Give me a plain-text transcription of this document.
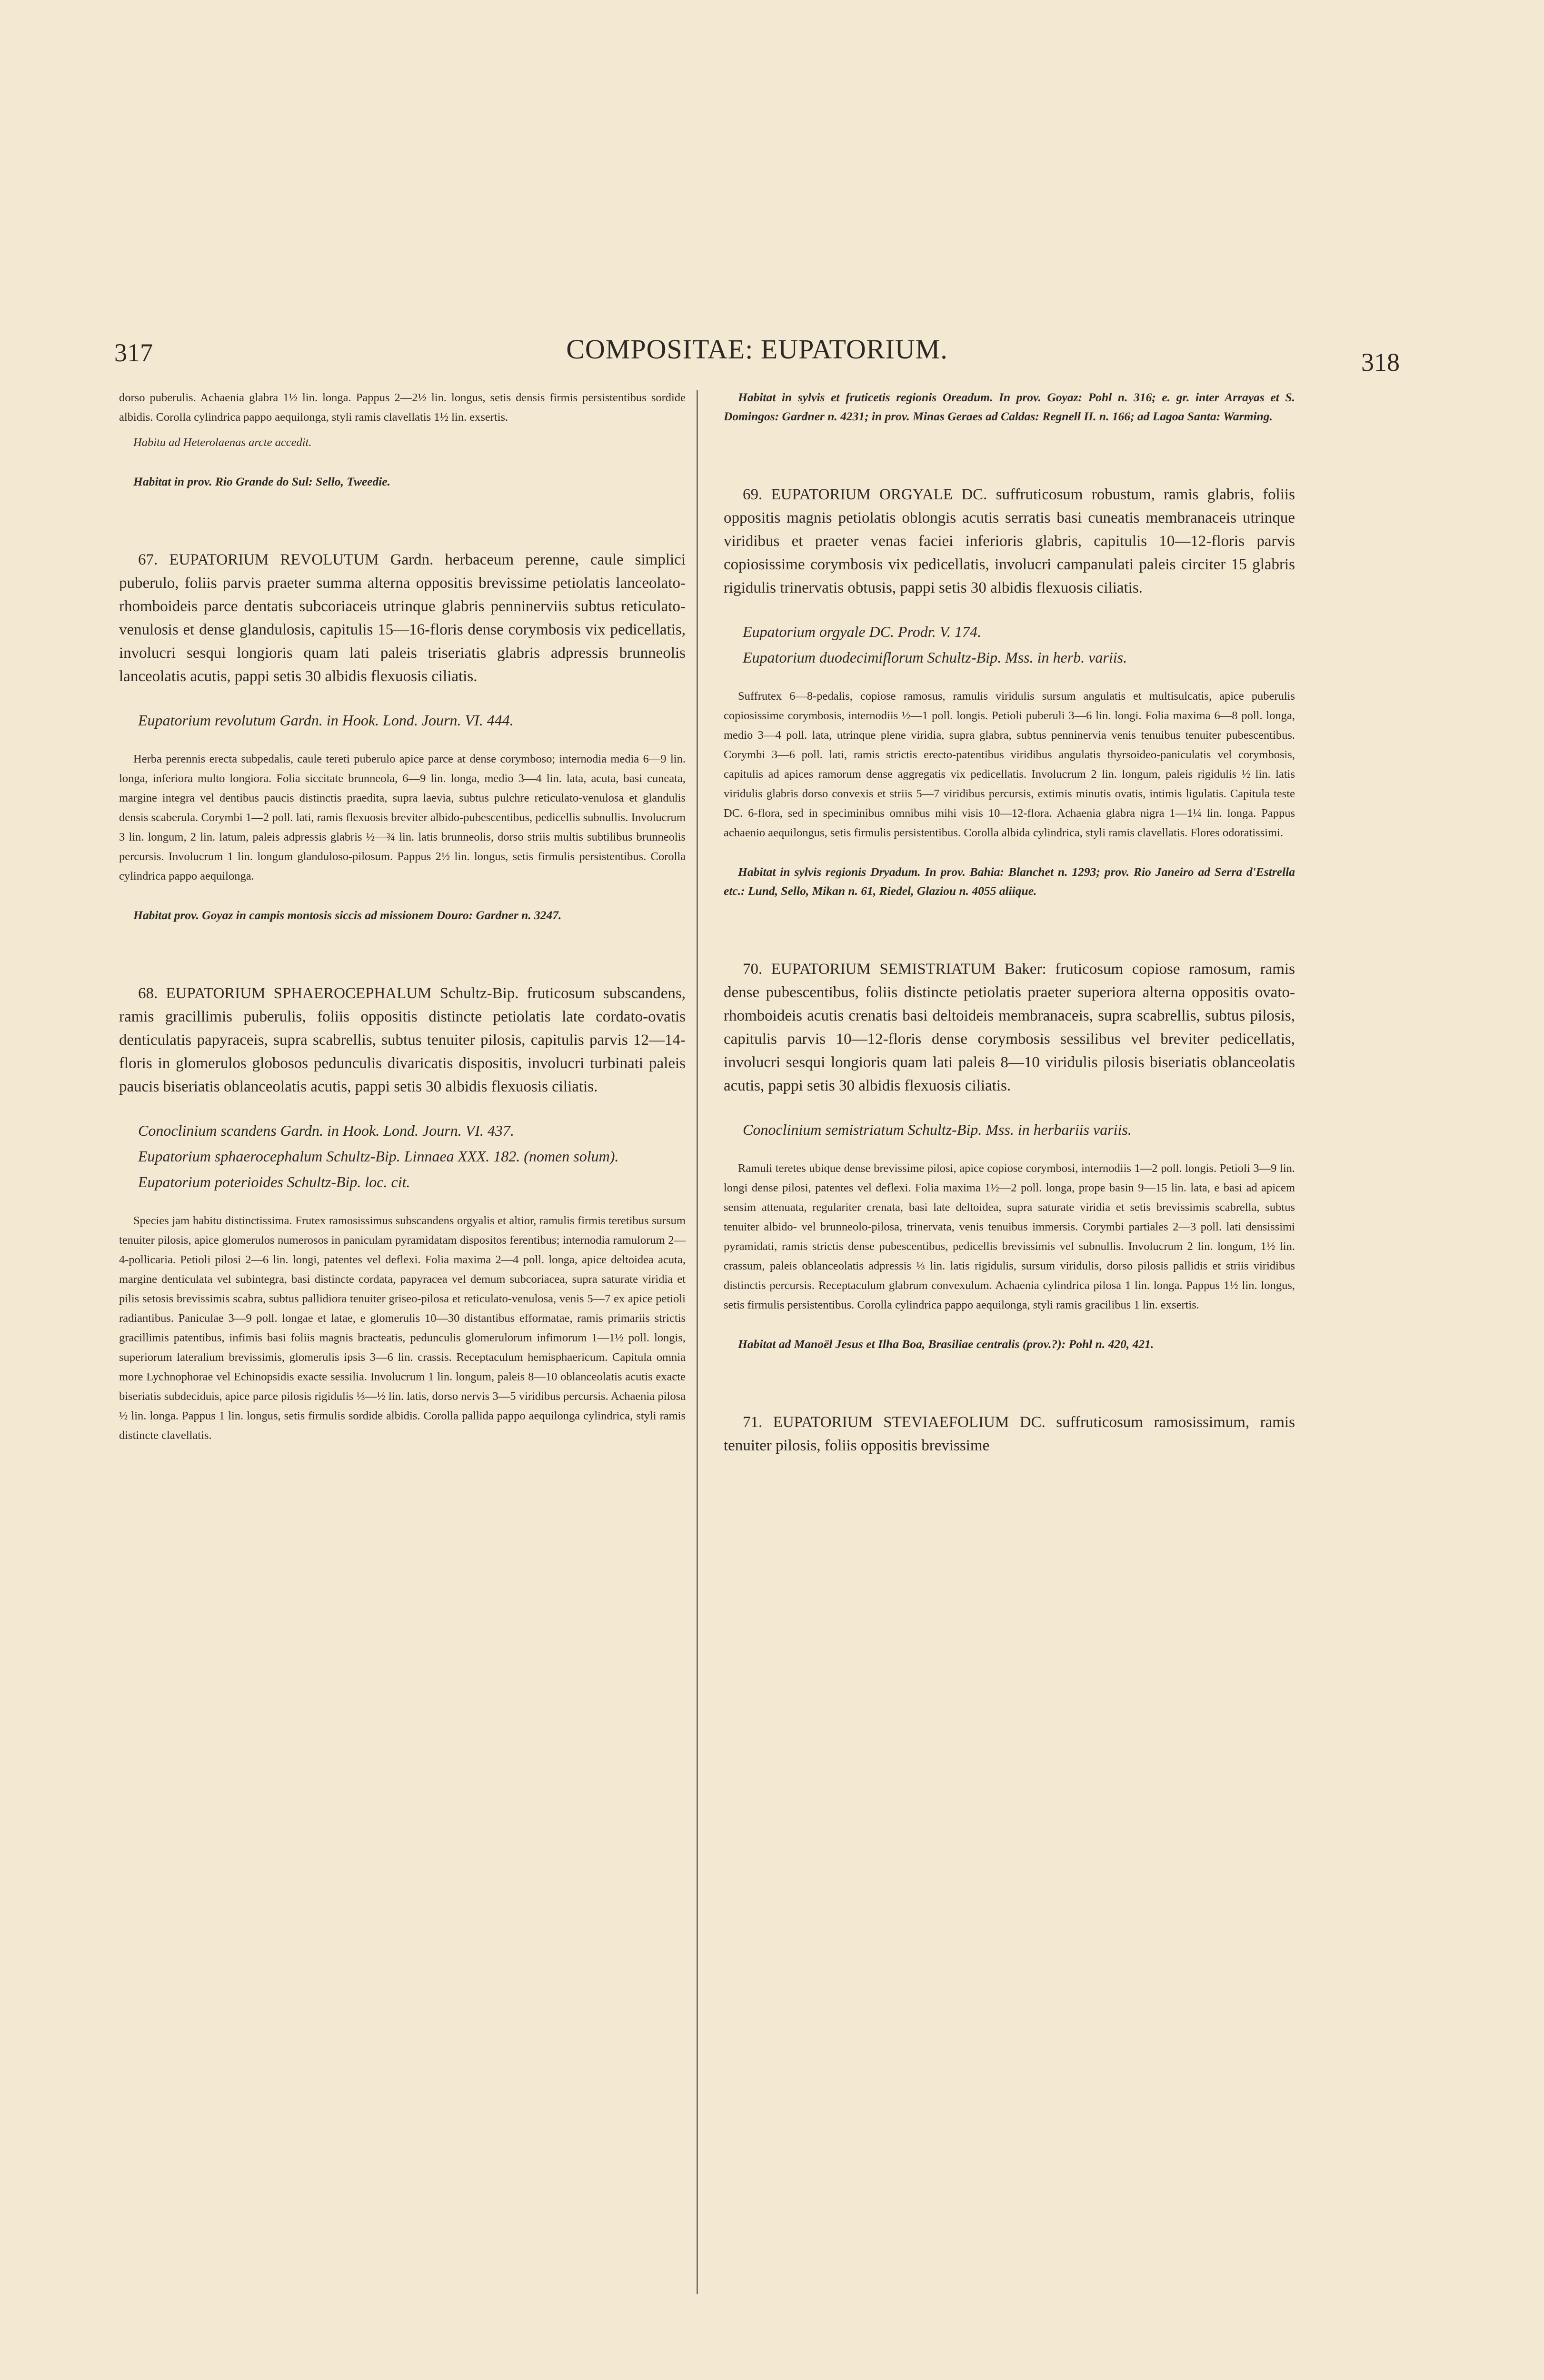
317	COMPOSITAE: EUPATORIUM.	318

dorso puberulis. Achaenia glabra 1½ lin. longa. Pappus 2—2½ lin. longus, setis densis firmis persistentibus sordide albidis. Corolla cylindrica pappo aequilonga, styli ramis clavellatis 1½ lin. exsertis.

Habitu ad Heterolaenas arcte accedit.

Habitat in prov. Rio Grande do Sul: Sello, Tweedie.

67. EUPATORIUM REVOLUTUM Gardn. herbaceum perenne, caule simplici puberulo, foliis parvis praeter summa alterna oppositis brevissime petiolatis lanceolato-rhomboideis parce dentatis subcoriaceis utrinque glabris penninerviis subtus reticulato-venulosis et dense glandulosis, capitulis 15—16-floris dense corymbosis vix pedicellatis, involucri sesqui longioris quam lati paleis triseriatis glabris adpressis brunneolis lanceolatis acutis, pappi setis 30 albidis flexuosis ciliatis.

Eupatorium revolutum Gardn. in Hook. Lond. Journ. VI. 444.

Herba perennis erecta subpedalis, caule tereti puberulo apice parce at dense corymboso; internodia media 6—9 lin. longa, inferiora multo longiora. Folia siccitate brunneola, 6—9 lin. longa, medio 3—4 lin. lata, acuta, basi cuneata, margine integra vel dentibus paucis distinctis praedita, supra laevia, subtus pulchre reticulato-venulosa et glandulis densis scaberula. Corymbi 1—2 poll. lati, ramis flexuosis breviter albido-pubescentibus, pedicellis subnullis. Involucrum 3 lin. longum, 2 lin. latum, paleis adpressis glabris ½—¾ lin. latis brunneolis, dorso striis multis subtilibus brunneolis percursis. Involucrum 1 lin. longum glanduloso-pilosum. Pappus 2½ lin. longus, setis firmulis persistentibus. Corolla cylindrica pappo aequilonga.

Habitat prov. Goyaz in campis montosis siccis ad missionem Douro: Gardner n. 3247.

68. EUPATORIUM SPHAEROCEPHALUM Schultz-Bip. fruticosum subscandens, ramis gracillimis puberulis, foliis oppositis distincte petiolatis late cordato-ovatis denticulatis papyraceis, supra scabrellis, subtus tenuiter pilosis, capitulis parvis 12—14-floris in glomerulos globosos pedunculis divaricatis dispositis, involucri turbinati paleis paucis biseriatis oblanceolatis acutis, pappi setis 30 albidis flexuosis ciliatis.

Conoclinium scandens Gardn. in Hook. Lond. Journ. VI. 437.

Eupatorium sphaerocephalum Schultz-Bip. Linnaea XXX. 182. (nomen solum).

Eupatorium poterioides Schultz-Bip. loc. cit.

Species jam habitu distinctissima. Frutex ramosissimus subscandens orgyalis et altior, ramulis firmis teretibus sursum tenuiter pilosis, apice glomerulos numerosos in paniculam pyramidatam dispositos ferentibus; internodia ramulorum 2—4-pollicaria. Petioli pilosi 2—6 lin. longi, patentes vel deflexi. Folia maxima 2—4 poll. longa, apice deltoidea acuta, margine denticulata vel subintegra, basi distincte cordata, papyracea vel demum subcoriacea, supra saturate viridia et pilis setosis brevissimis scabra, subtus pallidiora tenuiter griseo-pilosa et reticulato-venulosa, venis 5—7 ex apice petioli radiantibus. Paniculae 3—9 poll. longae et latae, e glomerulis 10—30 distantibus efformatae, ramis primariis strictis gracillimis patentibus, infimis basi foliis magnis bracteatis, pedunculis glomerulorum infimorum 1—1½ poll. longis, superiorum lateralium brevissimis, glomerulis ipsis 3—6 lin. crassis. Receptaculum hemisphaericum. Capitula omnia more Lychnophorae vel Echinopsidis exacte sessilia. Involucrum 1 lin. longum, paleis 8—10 oblanceolatis acutis exacte biseriatis subdeciduis, apice parce pilosis rigidulis ⅓—½ lin. latis, dorso nervis 3—5 viridibus percursis. Achaenia pilosa ½ lin. longa. Pappus 1 lin. longus, setis firmulis sordide albidis. Corolla pallida pappo aequilonga cylindrica, styli ramis distincte clavellatis.

Habitat in sylvis et fruticetis regionis Oreadum. In prov. Goyaz: Pohl n. 316; e. gr. inter Arrayas et S. Domingos: Gardner n. 4231; in prov. Minas Geraes ad Caldas: Regnell II. n. 166; ad Lagoa Santa: Warming.

69. EUPATORIUM ORGYALE DC. suffruticosum robustum, ramis glabris, foliis oppositis magnis petiolatis oblongis acutis serratis basi cuneatis membranaceis utrinque viridibus et praeter venas faciei inferioris glabris, capitulis 10—12-floris parvis copiosissime corymbosis vix pedicellatis, involucri campanulati paleis circiter 15 glabris rigidulis trinervatis obtusis, pappi setis 30 albidis flexuosis ciliatis.

Eupatorium orgyale DC. Prodr. V. 174.

Eupatorium duodecimiflorum Schultz-Bip. Mss. in herb. variis.

Suffrutex 6—8-pedalis, copiose ramosus, ramulis viridulis sursum angulatis et multisulcatis, apice puberulis copiosissime corymbosis, internodiis ½—1 poll. longis. Petioli puberuli 3—6 lin. longi. Folia maxima 6—8 poll. longa, medio 3—4 poll. lata, utrinque plene viridia, supra glabra, subtus penninervia venis tenuibus tenuiter pubescentibus. Corymbi 3—6 poll. lati, ramis strictis erecto-patentibus viridibus angulatis thyrsoideo-paniculatis vel corymbosis, capitulis ad apices ramorum dense aggregatis vix pedicellatis. Involucrum 2 lin. longum, paleis rigidulis ½ lin. latis viridulis glabris dorso convexis et striis 5—7 viridibus percursis, extimis minutis ovatis, intimis ligulatis. Capitula teste DC. 6-flora, sed in speciminibus omnibus mihi visis 10—12-flora. Achaenia glabra nigra 1—1¼ lin. longa. Pappus achaenio aequilongus, setis firmulis persistentibus. Corolla albida cylindrica, styli ramis clavellatis. Flores odoratissimi.

Habitat in sylvis regionis Dryadum. In prov. Bahia: Blanchet n. 1293; prov. Rio Janeiro ad Serra d'Estrella etc.: Lund, Sello, Mikan n. 61, Riedel, Glaziou n. 4055 aliique.

70. EUPATORIUM SEMISTRIATUM Baker: fruticosum copiose ramosum, ramis dense pubescentibus, foliis distincte petiolatis praeter superiora alterna oppositis ovato-rhomboideis acutis crenatis basi deltoideis membranaceis, supra scabrellis, subtus pilosis, capitulis parvis 10—12-floris dense corymbosis sessilibus vel breviter pedicellatis, involucri sesqui longioris quam lati paleis 8—10 viridulis pilosis biseriatis oblanceolatis acutis, pappi setis 30 albidis flexuosis ciliatis.

Conoclinium semistriatum Schultz-Bip. Mss. in herbariis variis.

Ramuli teretes ubique dense brevissime pilosi, apice copiose corymbosi, internodiis 1—2 poll. longis. Petioli 3—9 lin. longi dense pilosi, patentes vel deflexi. Folia maxima 1½—2 poll. longa, prope basin 9—15 lin. lata, e basi ad apicem sensim attenuata, regulariter crenata, basi late deltoidea, supra saturate viridia et setis brevissimis scabrella, subtus tenuiter albido- vel brunneolo-pilosa, trinervata, venis tenuibus immersis. Corymbi partiales 2—3 poll. lati densissimi pyramidati, ramis strictis dense pubescentibus, pedicellis brevissimis vel subnullis. Involucrum 2 lin. longum, 1½ lin. crassum, paleis oblanceolatis adpressis ⅓ lin. latis rigidulis, sursum viridulis, dorso pilosis pallidis et striis viridibus distinctis percursis. Receptaculum glabrum convexulum. Achaenia cylindrica pilosa 1 lin. longa. Pappus 1½ lin. longus, setis firmulis persistentibus. Corolla cylindrica pappo aequilonga, styli ramis gracilibus 1 lin. exsertis.

Habitat ad Manoël Jesus et Ilha Boa, Brasiliae centralis (prov.?): Pohl n. 420, 421.

71. EUPATORIUM STEVIAEFOLIUM DC. suffruticosum ramosissimum, ramis tenuiter pilosis, foliis oppositis brevissime
